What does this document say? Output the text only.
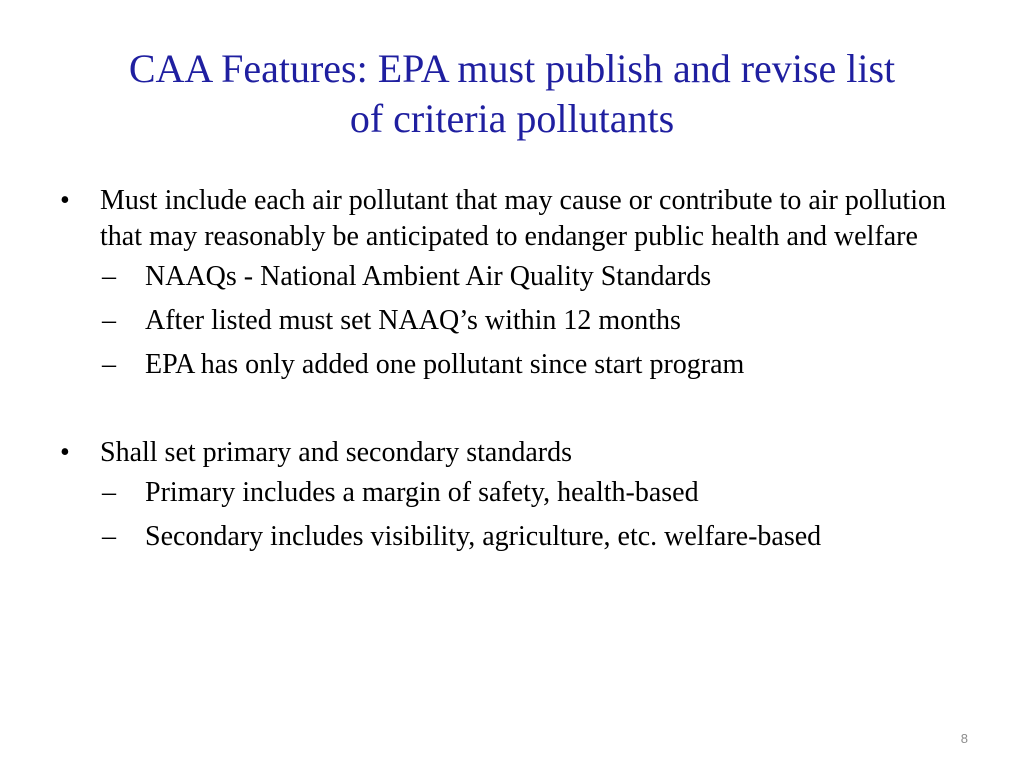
CAA Features: EPA must publish and revise list
of criteria pollutants
•	Must include each air pollutant that may cause or contribute to air pollution that may reasonably be anticipated to endanger public health and welfare
– NAAQs - National Ambient Air Quality Standards
– After listed must set NAAQ’s within 12 months
– EPA has only added one pollutant since start program
•	Shall set primary and secondary standards
– Primary includes a margin of safety, health-based
– Secondary includes visibility, agriculture, etc. welfare-based
8
